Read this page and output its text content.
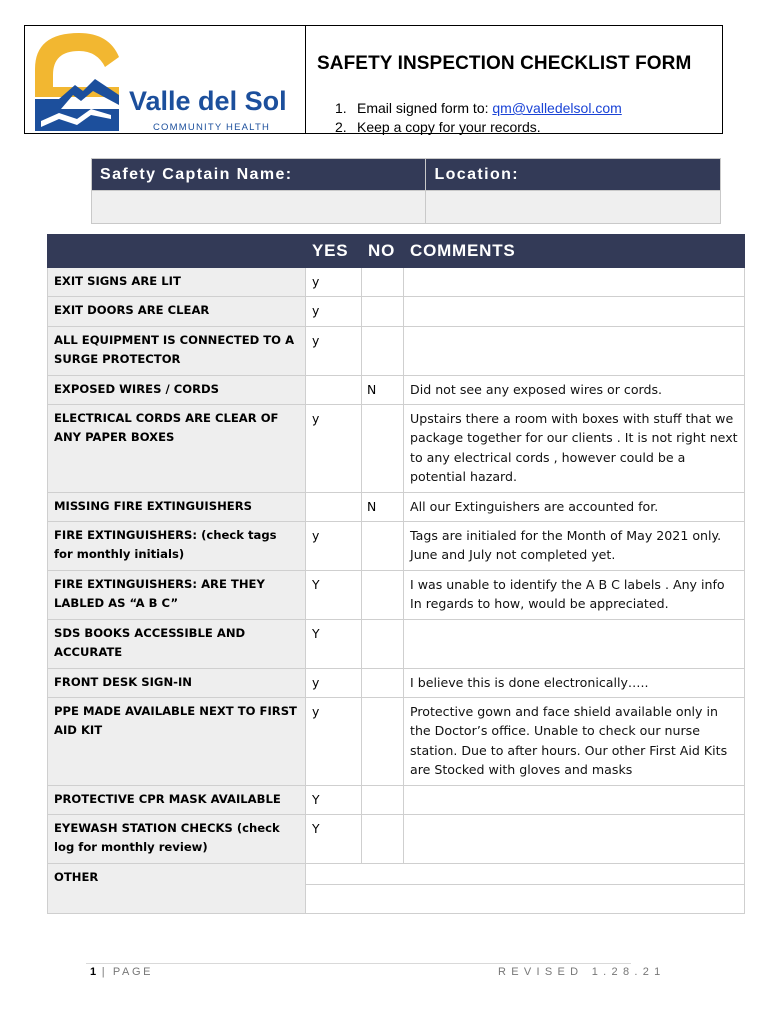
Valle del Sol
COMMUNITY HEALTH
SAFETY INSPECTION CHECKLIST FORM
1. Email signed form to: qm@valledelsol.com
2. Keep a copy for your records.
Safety Captain Name:	Location:

	YES	NO	COMMENTS
EXIT SIGNS ARE LIT	y		
EXIT DOORS ARE CLEAR	y		
ALL EQUIPMENT IS CONNECTED TO A SURGE PROTECTOR	y		
EXPOSED WIRES / CORDS		N	Did not see any exposed wires or cords.
ELECTRICAL CORDS ARE CLEAR OF ANY PAPER BOXES	y		Upstairs there a room with boxes with stuff that we package together for our clients . It is not right next to any electrical cords , however could be a potential hazard.
MISSING FIRE EXTINGUISHERS		N	All our Extinguishers are accounted for.
FIRE EXTINGUISHERS: (check tags for monthly initials)	y		Tags are initialed for the Month of May 2021 only. June and July not completed yet.
FIRE EXTINGUISHERS: ARE THEY LABLED AS “A B C”	Y		I was unable to identify the A B C labels . Any info In regards to how, would be appreciated.
SDS BOOKS ACCESSIBLE AND ACCURATE	Y		
FRONT DESK SIGN-IN	y		I believe this is done electronically…..
PPE MADE AVAILABLE NEXT TO FIRST AID KIT	y		Protective gown and face shield available only in the Doctor’s office. Unable to check our nurse station. Due to after hours. Our other First Aid Kits are Stocked with gloves and masks
PROTECTIVE CPR MASK AVAILABLE	Y		
EYEWASH STATION CHECKS (check log for monthly review)	Y		
OTHER			

1 | PAGE	REVISED 1.28.21
